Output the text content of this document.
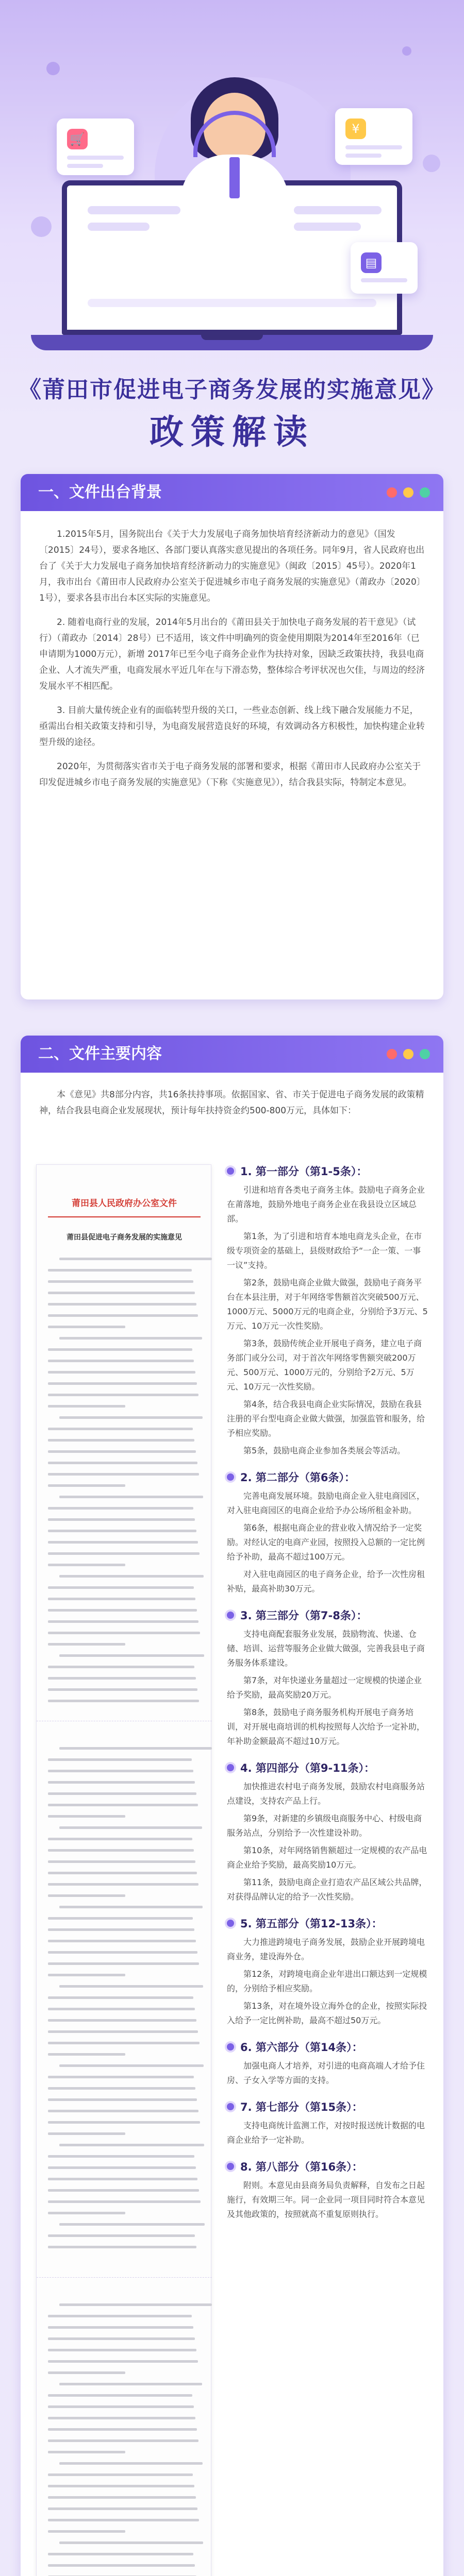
🛒
¥
▤
《莆田市促进电子商务发展的实施意见》
政策解读
一、文件出台背景

1.2015年5月，国务院出台《关于大力发展电子商务加快培育经济新动力的意见》（国发〔2015〕24号），要求各地区、各部门要认真落实意见提出的各项任务。同年9月，省人民政府也出台了《关于大力发展电子商务加快培育经济新动力的实施意见》（闽政〔2015〕45号）。2020年1月，我市出台《莆田市人民政府办公室关于促进城乡市电子商务发展的实施意见》（莆政办〔2020〕1号），要求各县市出台本区实际的实施意见。

2. 随着电商行业的发展，2014年5月出台的《莆田县关于加快电子商务发展的若干意见》（试行）（莆政办〔2014〕28号）已不适用，该文件中明确列的资金使用期限为2014年至2016年（已申请期为1000万元），新增 2017年已至今电子商务企业作为扶持对象，因缺乏政策扶持，我县电商企业、人才流失严重，电商发展水平近几年在与下滑态势，整体综合考评状况也欠佳，与周边的经济发展水平不相匹配。

3. 目前大量传统企业有的面临转型升级的关口，一些业态创新、线上线下融合发展能力不足，亟需出台相关政策支持和引导，为电商发展营造良好的环境，有效调动各方积极性，加快构建企业转型升级的途径。

2020年，为贯彻落实省市关于电子商务发展的部署和要求，根据《莆田市人民政府办公室关于印发促进城乡市电子商务发展的实施意见》（下称《实施意见》），结合我县实际，特制定本意见。

二、文件主要内容
本《意见》共8部分内容，共16条扶持事项。依据国家、省、市关于促进电子商务发展的政策精神，结合我县电商企业发展现状，预计每年扶持资金约500-800万元，具体如下：
莆田县人民政府办公室文件
莆田县促进电子商务发展的实施意见
1. 第一部分（第1-5条）：
引进和培育各类电子商务主体。鼓励电子商务企业在莆落地，鼓励外地电子商务企业在我县设立区域总部。
第1条，为了引进和培育本地电商龙头企业，在市级专项资金的基础上，县级财政给予“一企一策、一事一议”支持。
第2条，鼓励电商企业做大做强，鼓励电子商务平台在本县注册，对于年网络零售额首次突破500万元、1000万元、5000万元的电商企业，分别给予3万元、5万元、10万元一次性奖励。
第3条，鼓励传统企业开展电子商务，建立电子商务部门或分公司，对于首次年网络零售额突破200万元、500万元、1000万元的，分别给予2万元、5万元、10万元一次性奖励。
第4条，结合我县电商企业实际情况，鼓励在我县注册的平台型电商企业做大做强，加强监管和服务，给予相应奖励。
第5条，鼓励电商企业参加各类展会等活动。
2. 第二部分（第6条）：
完善电商发展环境。鼓励电商企业入驻电商园区，对入驻电商园区的电商企业给予办公场所租金补助。
第6条，根据电商企业的营业收入情况给予一定奖励。对经认定的电商产业园，按照投入总额的一定比例给予补助，最高不超过100万元。
对入驻电商园区的电子商务企业，给予一次性房租补贴，最高补助30万元。
3. 第三部分（第7-8条）：
支持电商配套服务业发展，鼓励物流、快递、仓储、培训、运营等服务企业做大做强，完善我县电子商务服务体系建设。
第7条，对年快递业务量超过一定规模的快递企业给予奖励，最高奖励20万元。
第8条，鼓励电子商务服务机构开展电子商务培训，对开展电商培训的机构按照每人次给予一定补助，年补助金额最高不超过10万元。
4. 第四部分（第9-11条）：
加快推进农村电子商务发展，鼓励农村电商服务站点建设，支持农产品上行。
第9条，对新建的乡镇级电商服务中心、村级电商服务站点，分别给予一次性建设补助。
第10条，对年网络销售额超过一定规模的农产品电商企业给予奖励，最高奖励10万元。
第11条，鼓励电商企业打造农产品区域公共品牌，对获得品牌认定的给予一次性奖励。
5. 第五部分（第12-13条）：
大力推进跨境电子商务发展，鼓励企业开展跨境电商业务，建设海外仓。
第12条，对跨境电商企业年进出口额达到一定规模的，分别给予相应奖励。
第13条，对在境外设立海外仓的企业，按照实际投入给予一定比例补助，最高不超过50万元。
6. 第六部分（第14条）：
加强电商人才培养，对引进的电商高端人才给予住房、子女入学等方面的支持。
7. 第七部分（第15条）：
支持电商统计监测工作，对按时报送统计数据的电商企业给予一定补助。
8. 第八部分（第16条）：
附则。本意见由县商务局负责解释，自发布之日起施行，有效期三年。同一企业同一项目同时符合本意见及其他政策的，按照就高不重复原则执行。
